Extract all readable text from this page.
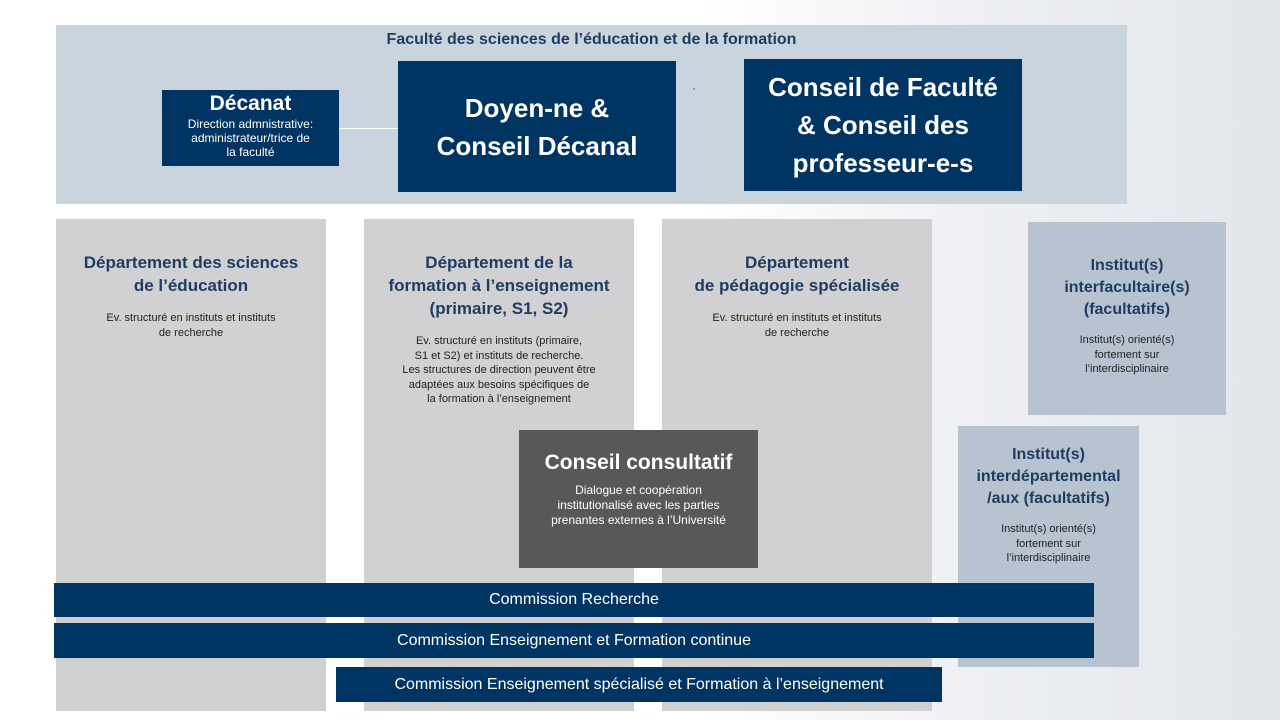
Faculté des sciences de l’éducation et de la formation
Décanat
Direction admnistrative:
administrateur/trice de
la faculté
Doyen-ne &
Conseil Décanal
Conseil de Faculté
& Conseil des
professeur-e-s
Département des sciences
de l’éducation
Ev. structuré en instituts et instituts
de recherche
Département de la
formation à l’enseignement
(primaire, S1, S2)
Ev. structuré en instituts (primaire,
S1 et S2) et instituts de recherche.
Les structures de direction peuvent être
adaptées aux besoins spécifiques de
la formation à l’enseignement
Département
de pédagogie spécialisée
Ev. structuré en instituts et instituts
de recherche
Institut(s)
interfacultaire(s)
(facultatifs)
Institut(s) orienté(s)
fortement sur
l’interdisciplinaire
Institut(s)
interdépartemental
/aux (facultatifs)
Institut(s) orienté(s)
fortement sur
l’interdisciplinaire
Conseil consultatif
Dialogue et coopération
institutionalisé avec les parties
prenantes externes à l’Université
Commission Recherche
Commission Enseignement et Formation continue
Commission Enseignement spécialisé et Formation à l’enseignement
